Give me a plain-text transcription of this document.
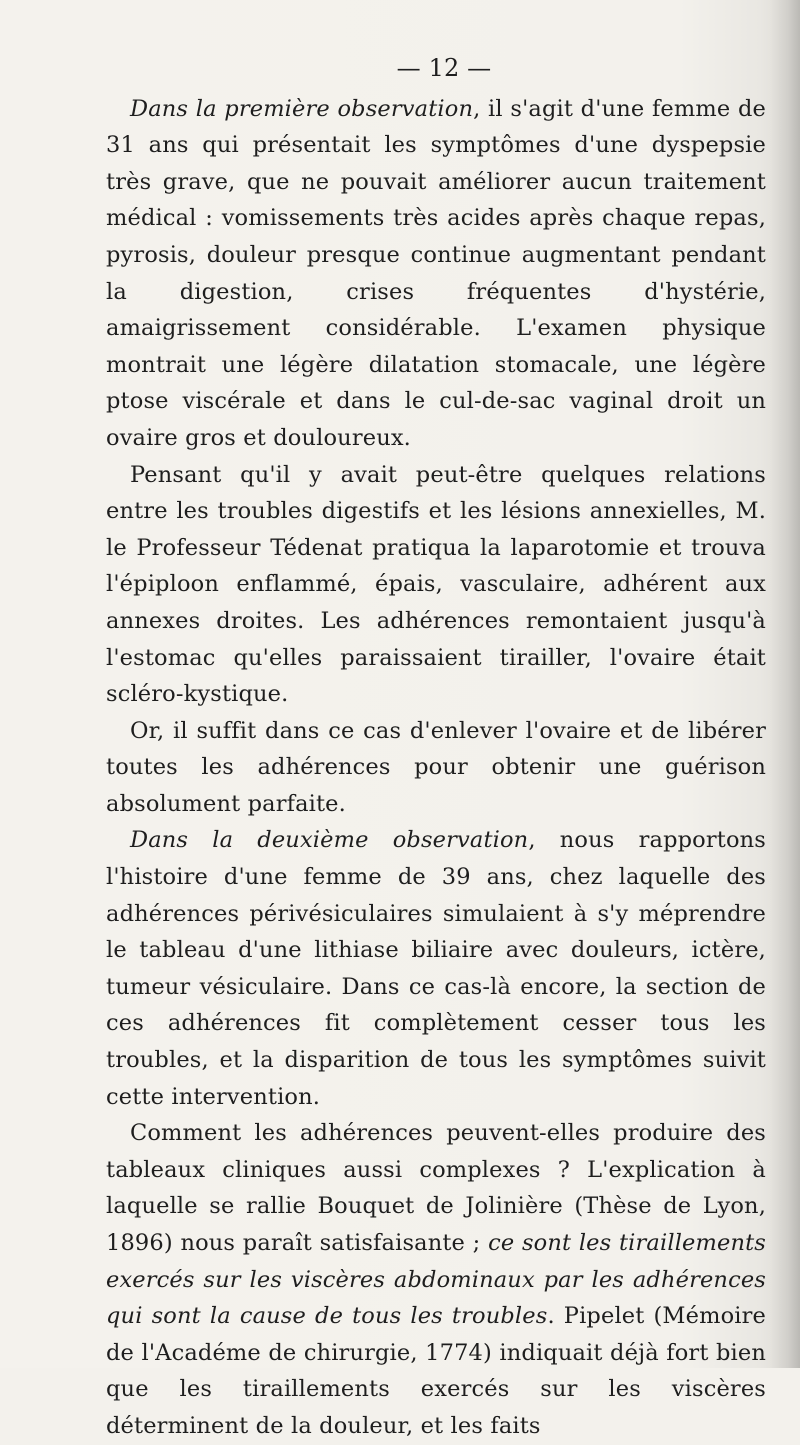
— 12 —

Dans la première observation, il s'agit d'une femme de 31 ans qui présentait les symptômes d'une dyspepsie très grave, que ne pouvait améliorer aucun traitement médical : vomissements très acides après chaque repas, pyrosis, douleur presque continue augmentant pendant la digestion, crises fréquentes d'hystérie, amaigrissement considérable. L'examen physique montrait une légère dilatation stomacale, une légère ptose viscérale et dans le cul-de-sac vaginal droit un ovaire gros et douloureux.

Pensant qu'il y avait peut-être quelques relations entre les troubles digestifs et les lésions annexielles, M. le Professeur Tédenat pratiqua la laparotomie et trouva l'épiploon enflammé, épais, vasculaire, adhérent aux annexes droites. Les adhérences remontaient jusqu'à l'estomac qu'elles paraissaient tirailler, l'ovaire était scléro-kystique.

Or, il suffit dans ce cas d'enlever l'ovaire et de libérer toutes les adhérences pour obtenir une guérison absolument parfaite.

Dans la deuxième observation, nous rapportons l'histoire d'une femme de 39 ans, chez laquelle des adhérences périvésiculaires simulaient à s'y méprendre le tableau d'une lithiase biliaire avec douleurs, ictère, tumeur vésiculaire. Dans ce cas-là encore, la section de ces adhérences fit complètement cesser tous les troubles, et la disparition de tous les symptômes suivit cette intervention.

Comment les adhérences peuvent-elles produire des tableaux cliniques aussi complexes ? L'explication à laquelle se rallie Bouquet de Jolinière (Thèse de Lyon, 1896) nous paraît satisfaisante ; ce sont les tiraillements exercés sur les viscères abdominaux par les adhérences qui sont la cause de tous les troubles. Pipelet (Mémoire de l'Académe de chirurgie, 1774) indiquait déjà fort bien que les tiraillements exercés sur les viscères déterminent de la douleur, et les faits
